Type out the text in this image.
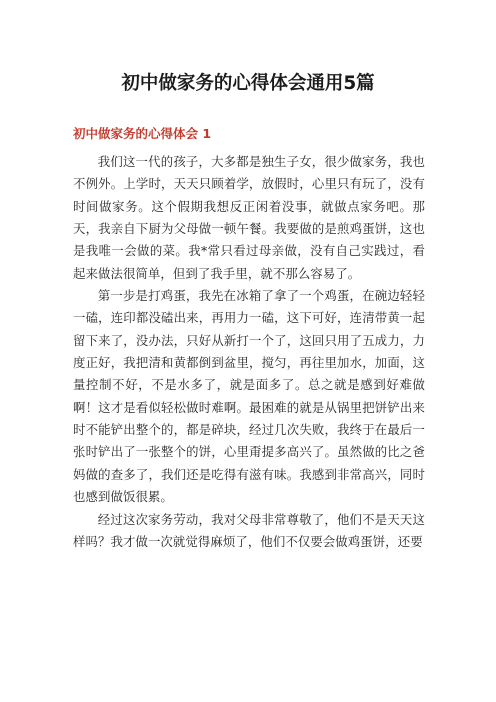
初中做家务的心得体会通用5篇
初中做家务的心得体会 1

我们这一代的孩子，大多都是独生子女，很少做家务，我也不例外。上学时，天天只顾着学，放假时，心里只有玩了，没有时间做家务。这个假期我想反正闲着没事，就做点家务吧。那天，我亲自下厨为父母做一顿午餐。我要做的是煎鸡蛋饼，这也是我唯一会做的菜。我*常只看过母亲做，没有自己实践过，看起来做法很简单，但到了我手里，就不那么容易了。

第一步是打鸡蛋，我先在冰箱了拿了一个鸡蛋，在碗边轻轻一磕，连印都没磕出来，再用力一磕，这下可好，连清带黄一起留下来了，没办法，只好从新打一个了，这回只用了五成力，力度正好，我把清和黄都倒到盆里，搅匀，再往里加水，加面，这量控制不好，不是水多了，就是面多了。总之就是感到好难做啊！这才是看似轻松做时难啊。最困难的就是从锅里把饼铲出来时不能铲出整个的，都是碎块，经过几次失败，我终于在最后一张时铲出了一张整个的饼，心里甭提多高兴了。虽然做的比之爸妈做的查多了，我们还是吃得有滋有味。我感到非常高兴，同时也感到做饭很累。

经过这次家务劳动，我对父母非常尊敬了，他们不是天天这样吗？我才做一次就觉得麻烦了，他们不仅要会做鸡蛋饼，还要
